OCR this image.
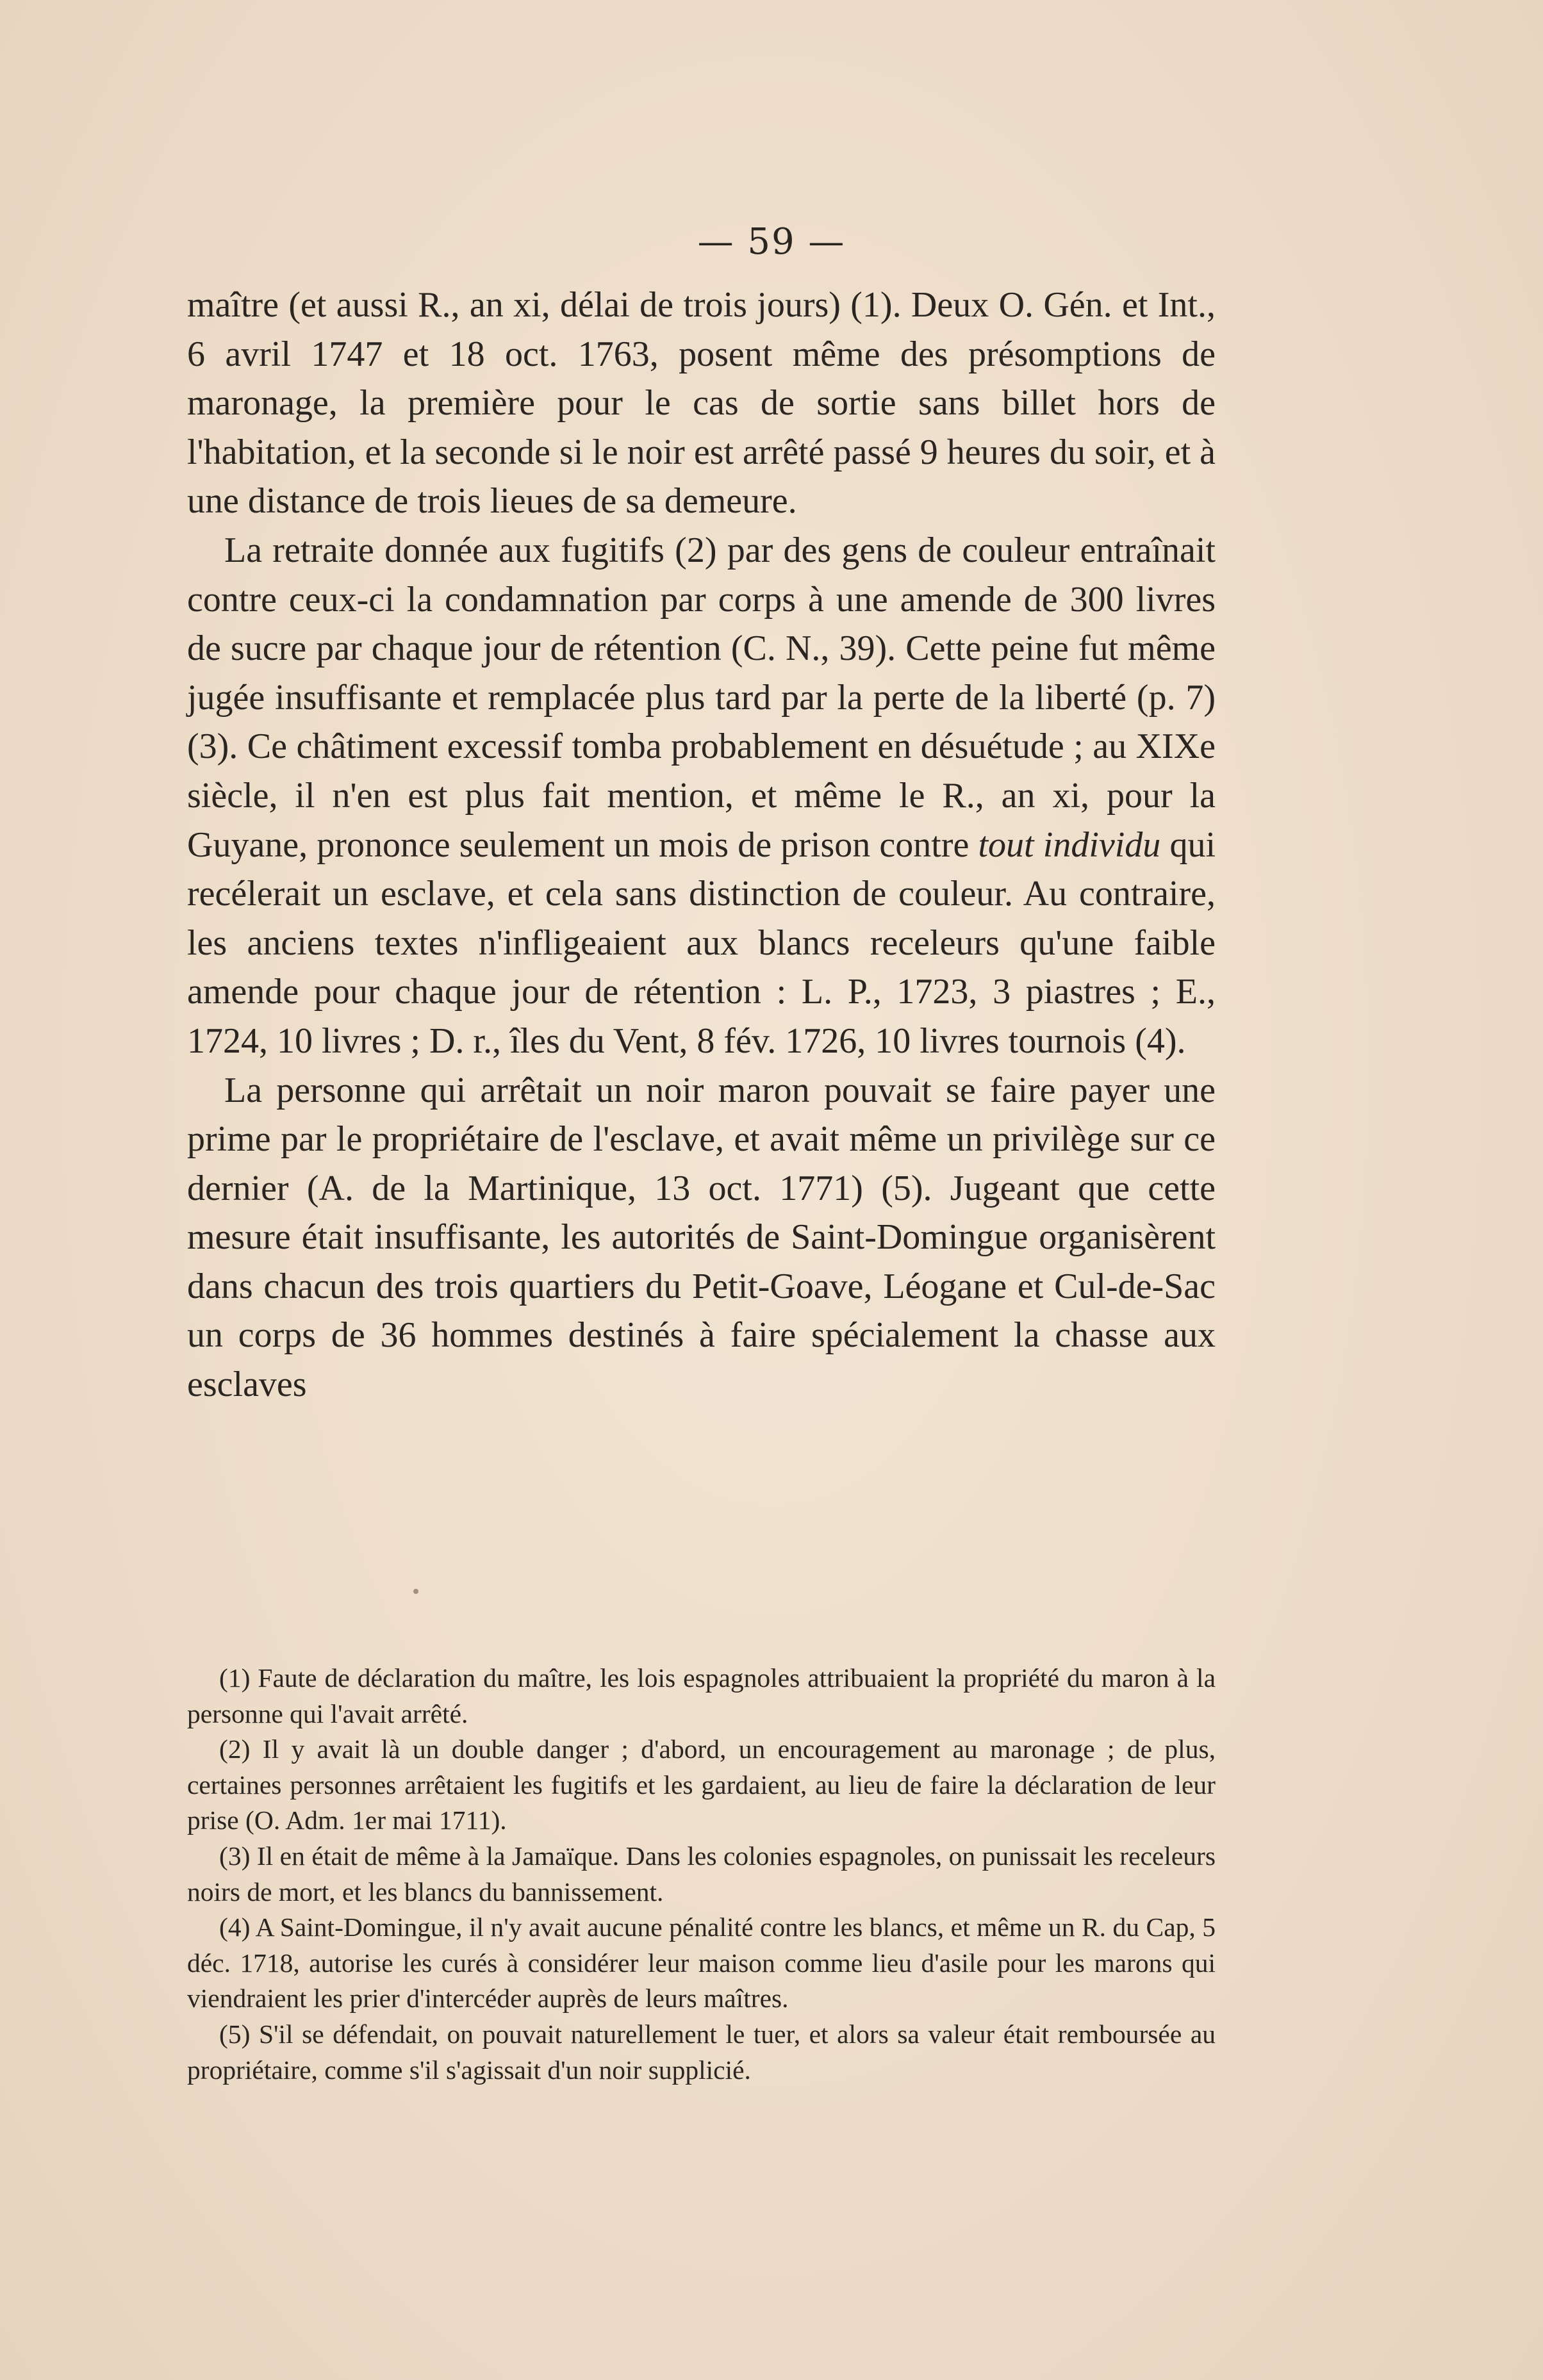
— 59 —

maître (et aussi R., an xi, délai de trois jours) (1). Deux O. Gén. et Int., 6 avril 1747 et 18 oct. 1763, posent même des présomptions de maronage, la première pour le cas de sortie sans billet hors de l'habitation, et la seconde si le noir est arrêté passé 9 heures du soir, et à une distance de trois lieues de sa demeure.

La retraite donnée aux fugitifs (2) par des gens de couleur entraînait contre ceux-ci la condamnation par corps à une amende de 300 livres de sucre par chaque jour de rétention (C. N., 39). Cette peine fut même jugée insuffisante et remplacée plus tard par la perte de la liberté (p. 7) (3). Ce châtiment excessif tomba probablement en désuétude ; au XIXe siècle, il n'en est plus fait mention, et même le R., an xi, pour la Guyane, prononce seulement un mois de prison contre tout individu qui recélerait un esclave, et cela sans distinction de couleur. Au contraire, les anciens textes n'infligeaient aux blancs receleurs qu'une faible amende pour chaque jour de rétention : L. P., 1723, 3 piastres ; E., 1724, 10 livres ; D. r., îles du Vent, 8 fév. 1726, 10 livres tournois (4).

La personne qui arrêtait un noir maron pouvait se faire payer une prime par le propriétaire de l'esclave, et avait même un privilège sur ce dernier (A. de la Martinique, 13 oct. 1771) (5). Jugeant que cette mesure était insuffisante, les autorités de Saint-Domingue organisèrent dans chacun des trois quartiers du Petit-Goave, Léogane et Cul-de-Sac un corps de 36 hommes destinés à faire spécialement la chasse aux esclaves

(1) Faute de déclaration du maître, les lois espagnoles attribuaient la propriété du maron à la personne qui l'avait arrêté.

(2) Il y avait là un double danger ; d'abord, un encouragement au maronage ; de plus, certaines personnes arrêtaient les fugitifs et les gardaient, au lieu de faire la déclaration de leur prise (O. Adm. 1er mai 1711).

(3) Il en était de même à la Jamaïque. Dans les colonies espagnoles, on punissait les receleurs noirs de mort, et les blancs du bannissement.

(4) A Saint-Domingue, il n'y avait aucune pénalité contre les blancs, et même un R. du Cap, 5 déc. 1718, autorise les curés à considérer leur maison comme lieu d'asile pour les marons qui viendraient les prier d'intercéder auprès de leurs maîtres.

(5) S'il se défendait, on pouvait naturellement le tuer, et alors sa valeur était remboursée au propriétaire, comme s'il s'agissait d'un noir supplicié.
